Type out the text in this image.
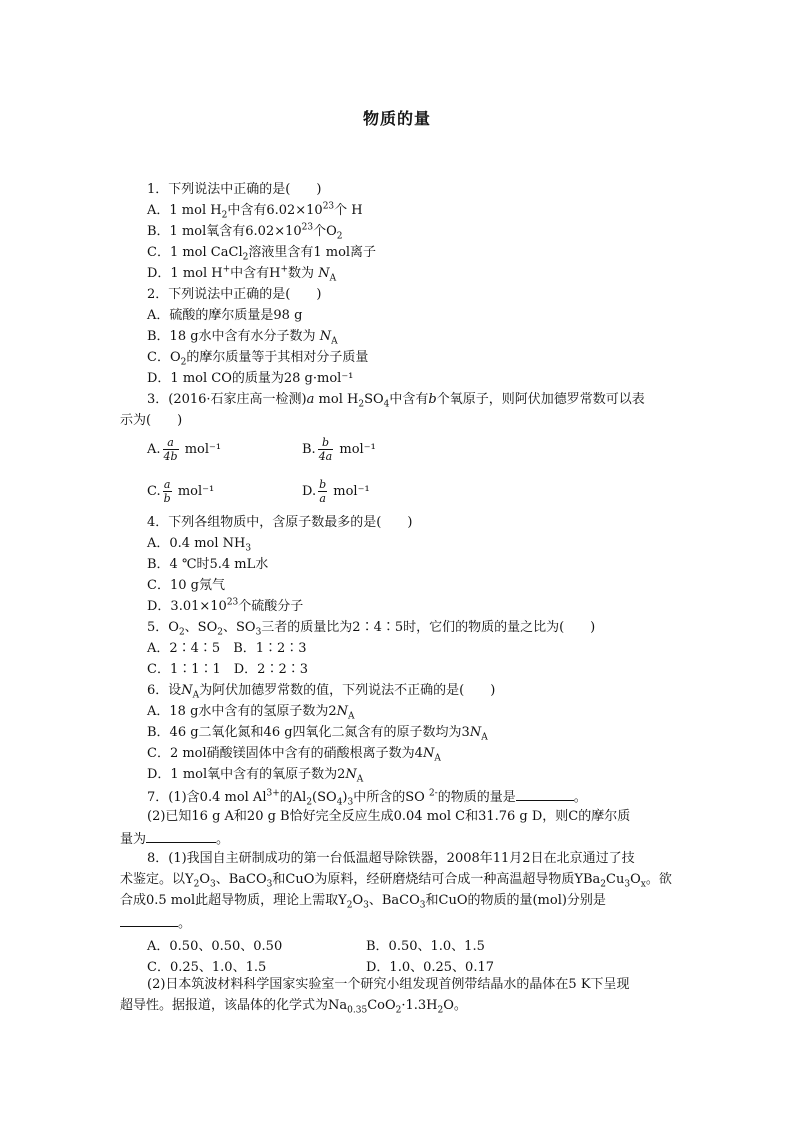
物质的量
1．下列说法中正确的是(　　)
A．1 mol $H_2$中含有$6.02\times 10^{23}$个 H
B．1 mol氧含有$6.02\times 10^{23}$个$O_2$
C．1 mol CaCl$_2$溶液里含有1 mol离子
D．1 mol H+中含有H+数为 $N_A$
2．下列说法中正确的是(　　)
A．硫酸的摩尔质量是98 g
B．18 g水中含有水分子数为 $N_A$
C．$O_2$的摩尔质量等于其相对分子质量
D．1 mol CO的质量为28 g·mol⁻¹
3．(2016·石家庄高一检测)a mol $H_2SO_4$中含有b个氧原子，则阿伏加德罗常数可以表
示为(　　)
A. $\frac{a}{4b} mol^{-1}$	B. $\frac{b}{4a} mol^{-1}$
C. $\frac{a}{b} mol^{-1}$	D. $\frac{b}{a} mol^{-1}$
4．下列各组物质中，含原子数最多的是(　　)
A．0.4 mol $NH_3$
B．4 ℃时5.4 mL水
C．10 g氖气
D．$3.01\times 10^{23}$个硫酸分子
5．$O_2$、$SO_2$、$SO_3$三者的质量比为2∶4∶5时，它们的物质的量之比为(　　)
A．2∶4∶5　B．1∶2∶3
C．1∶1∶1　D．2∶2∶3
6．设$N_A$为阿伏加德罗常数的值，下列说法不正确的是(　　)
A．18 g水中含有的氢原子数为$2N_A$
B．46 g二氧化氮和46 g四氧化二氮含有的原子数均为$3N_A$
C．2 mol硝酸镁固体中含有的硝酸根离子数为$4N_A$
D．1 mol氧中含有的氧原子数为$2N_A$
7．(1)含0.4 mol $Al^{3+}$的$Al_2(SO_4)_3$中所含的SO $^{2-}$的物质的量是	。
(2)已知16 g A和20 g B恰好完全反应生成0.04 mol C和31.76 g D，则C的摩尔质
量为	。
8．(1)我国自主研制成功的第一台低温超导除铁器，2008年11月2日在北京通过了技
术鉴定。以$Y_2O_3$、BaCO$_3$和CuO为原料，经研磨烧结可合成一种高温超导物质$YBa_2Cu_3O_x$。欲
合成0.5 mol此超导物质，理论上需取$Y_2O_3$、BaCO$_3$和CuO的物质的量(mol)分别是
。
A．0.50、0.50、0.50	B．0.50、1.0、1.5
C．0.25、1.0、1.5	D．1.0、0.25、0.17
(2)日本筑波材料科学国家实验室一个研究小组发现首例带结晶水的晶体在5 K下呈现
超导性。据报道，该晶体的化学式为$Na_{0.35}CoO_2\cdot 1.3H_2O$。
